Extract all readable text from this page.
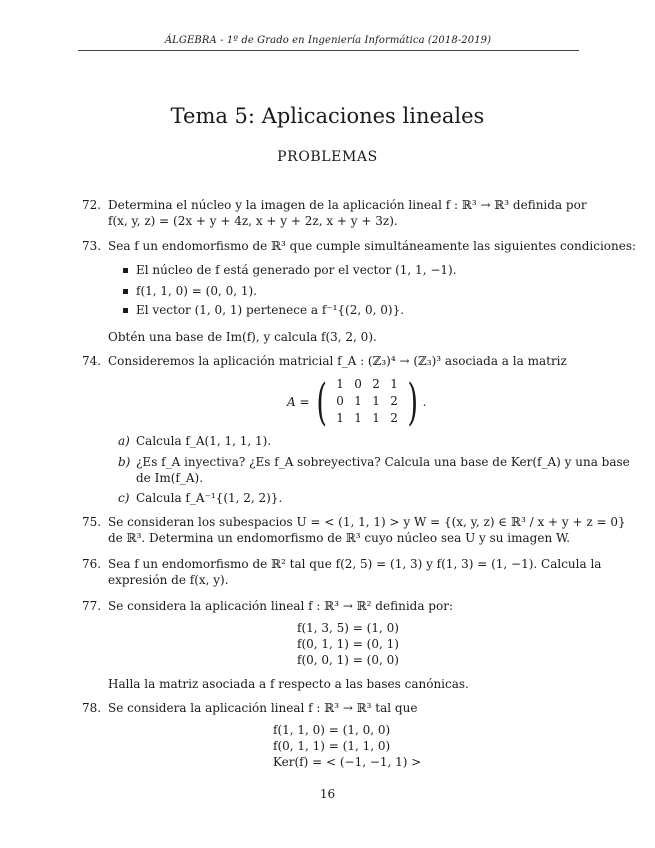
ÁLGEBRA - 1º de Grado en Ingeniería Informática (2018-2019)
Tema 5: Aplicaciones lineales
PROBLEMAS
72. Determina el núcleo y la imagen de la aplicación lineal f : ℝ³ → ℝ³ definida por
f(x, y, z) = (2x + y + 4z, x + y + 2z, x + y + 3z).
73. Sea f un endomorfismo de ℝ³ que cumple simultáneamente las siguientes condiciones:
El núcleo de f está generado por el vector (1, 1, −1).
f(1, 1, 0) = (0, 0, 1).
El vector (1, 0, 1) pertenece a f⁻¹{(2, 0, 0)}.
Obtén una base de Im(f), y calcula f(3, 2, 0).
74. Consideremos la aplicación matricial f_A : (ℤ₃)⁴ → (ℤ₃)³ asociada a la matriz
A = ( 1 0 2 1
0 1 1 2
1 1 1 2 ) .
a) Calcula f_A(1, 1, 1, 1).
b) ¿Es f_A inyectiva? ¿Es f_A sobreyectiva? Calcula una base de Ker(f_A) y una base
de Im(f_A).
c) Calcula f_A⁻¹{(1, 2, 2)}.
75. Se consideran los subespacios U = < (1, 1, 1) > y W = {(x, y, z) ∈ ℝ³ / x + y + z = 0}
de ℝ³. Determina un endomorfismo de ℝ³ cuyo núcleo sea U y su imagen W.
76. Sea f un endomorfismo de ℝ² tal que f(2, 5) = (1, 3) y f(1, 3) = (1, −1). Calcula la
expresión de f(x, y).
77. Se considera la aplicación lineal f : ℝ³ → ℝ² definida por:
f(1, 3, 5) = (1, 0)
f(0, 1, 1) = (0, 1)
f(0, 0, 1) = (0, 0)
Halla la matriz asociada a f respecto a las bases canónicas.
78. Se considera la aplicación lineal f : ℝ³ → ℝ³ tal que
f(1, 1, 0) = (1, 0, 0)
f(0, 1, 1) = (1, 1, 0)
Ker(f) = < (−1, −1, 1) >
16
